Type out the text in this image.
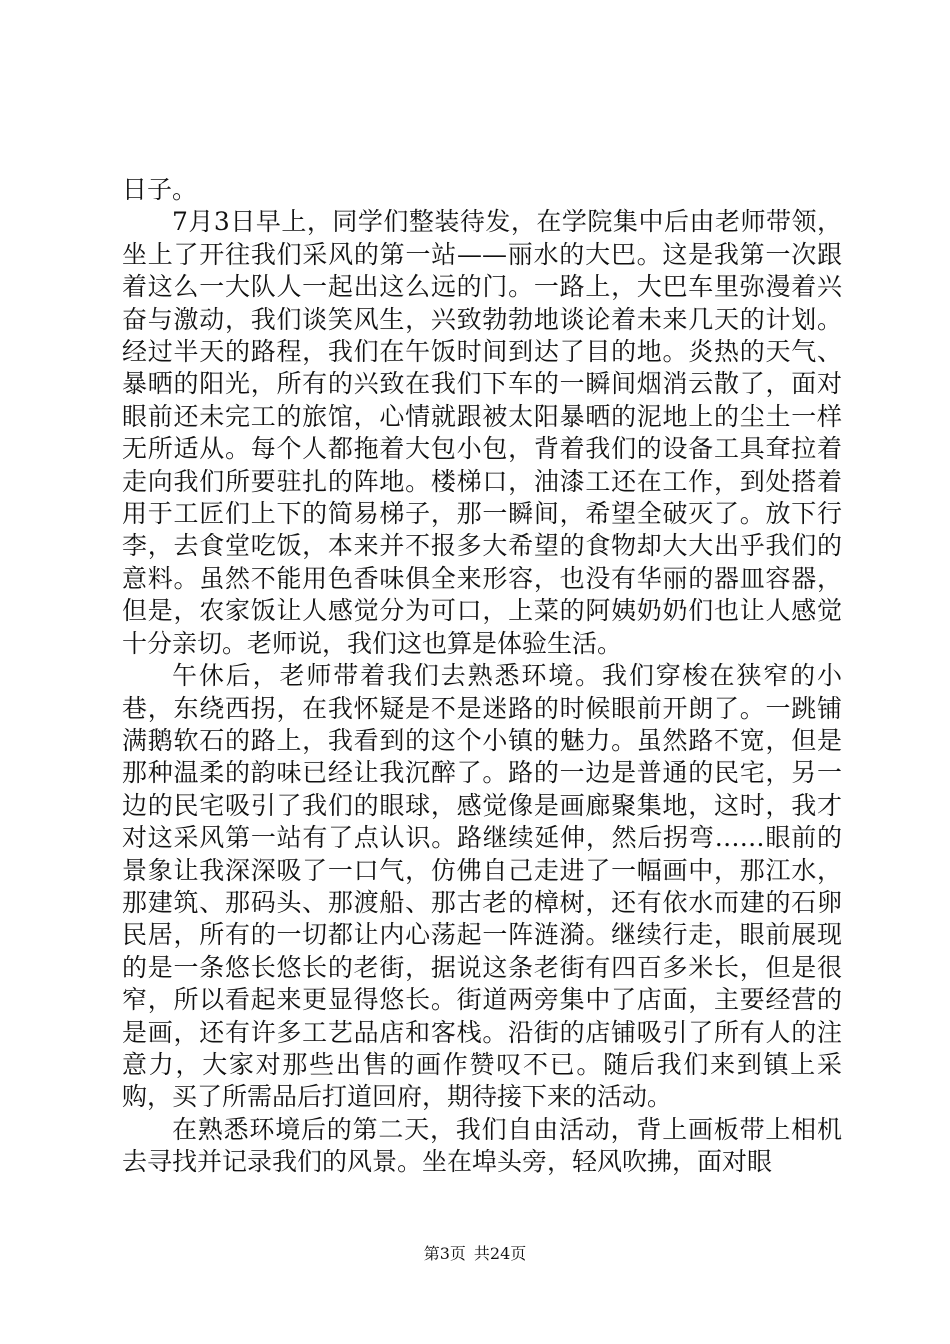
日子。

7月3日早上，同学们整装待发，在学院集中后由老师带领，坐上了开往我们采风的第一站——丽水的大巴。这是我第一次跟着这么一大队人一起出这么远的门。一路上，大巴车里弥漫着兴奋与激动，我们谈笑风生，兴致勃勃地谈论着未来几天的计划。经过半天的路程，我们在午饭时间到达了目的地。炎热的天气、暴晒的阳光，所有的兴致在我们下车的一瞬间烟消云散了，面对眼前还未完工的旅馆，心情就跟被太阳暴晒的泥地上的尘土一样无所适从。每个人都拖着大包小包，背着我们的设备工具耷拉着走向我们所要驻扎的阵地。楼梯口，油漆工还在工作，到处搭着用于工匠们上下的简易梯子，那一瞬间，希望全破灭了。放下行李，去食堂吃饭，本来并不报多大希望的食物却大大出乎我们的意料。虽然不能用色香味俱全来形容，也没有华丽的器皿容器，但是，农家饭让人感觉分为可口，上菜的阿姨奶奶们也让人感觉十分亲切。老师说，我们这也算是体验生活。

午休后，老师带着我们去熟悉环境。我们穿梭在狭窄的小巷，东绕西拐，在我怀疑是不是迷路的时候眼前开朗了。一跳铺满鹅软石的路上，我看到的这个小镇的魅力。虽然路不宽，但是那种温柔的韵味已经让我沉醉了。路的一边是普通的民宅，另一边的民宅吸引了我们的眼球，感觉像是画廊聚集地，这时，我才对这采风第一站有了点认识。路继续延伸，然后拐弯……眼前的景象让我深深吸了一口气，仿佛自己走进了一幅画中，那江水，那建筑、那码头、那渡船、那古老的樟树，还有依水而建的石卵民居，所有的一切都让内心荡起一阵涟漪。继续行走，眼前展现的是一条悠长悠长的老街，据说这条老街有四百多米长，但是很窄，所以看起来更显得悠长。街道两旁集中了店面，主要经营的是画，还有许多工艺品店和客栈。沿街的店铺吸引了所有人的注意力，大家对那些出售的画作赞叹不已。随后我们来到镇上采购，买了所需品后打道回府，期待接下来的活动。

在熟悉环境后的第二天，我们自由活动，背上画板带上相机去寻找并记录我们的风景。坐在埠头旁，轻风吹拂，面对眼

第3页 共24页
